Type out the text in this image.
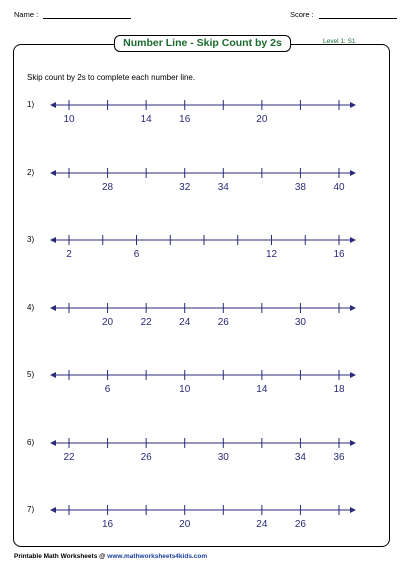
Name :	Score :
Number Line - Skip Count by 2s	Level 1: S1
Skip count by 2s to complete each number line.
1)
10	14	16	20
2)
28	32	34	38	40
3)
2	6	12	16
4)
20	22	24	26	30
5)
6	10	14	18
6)
22	26	30	34	36
7)
16	20	24	26
Printable Math Worksheets @ www.mathworksheets4kids.com
